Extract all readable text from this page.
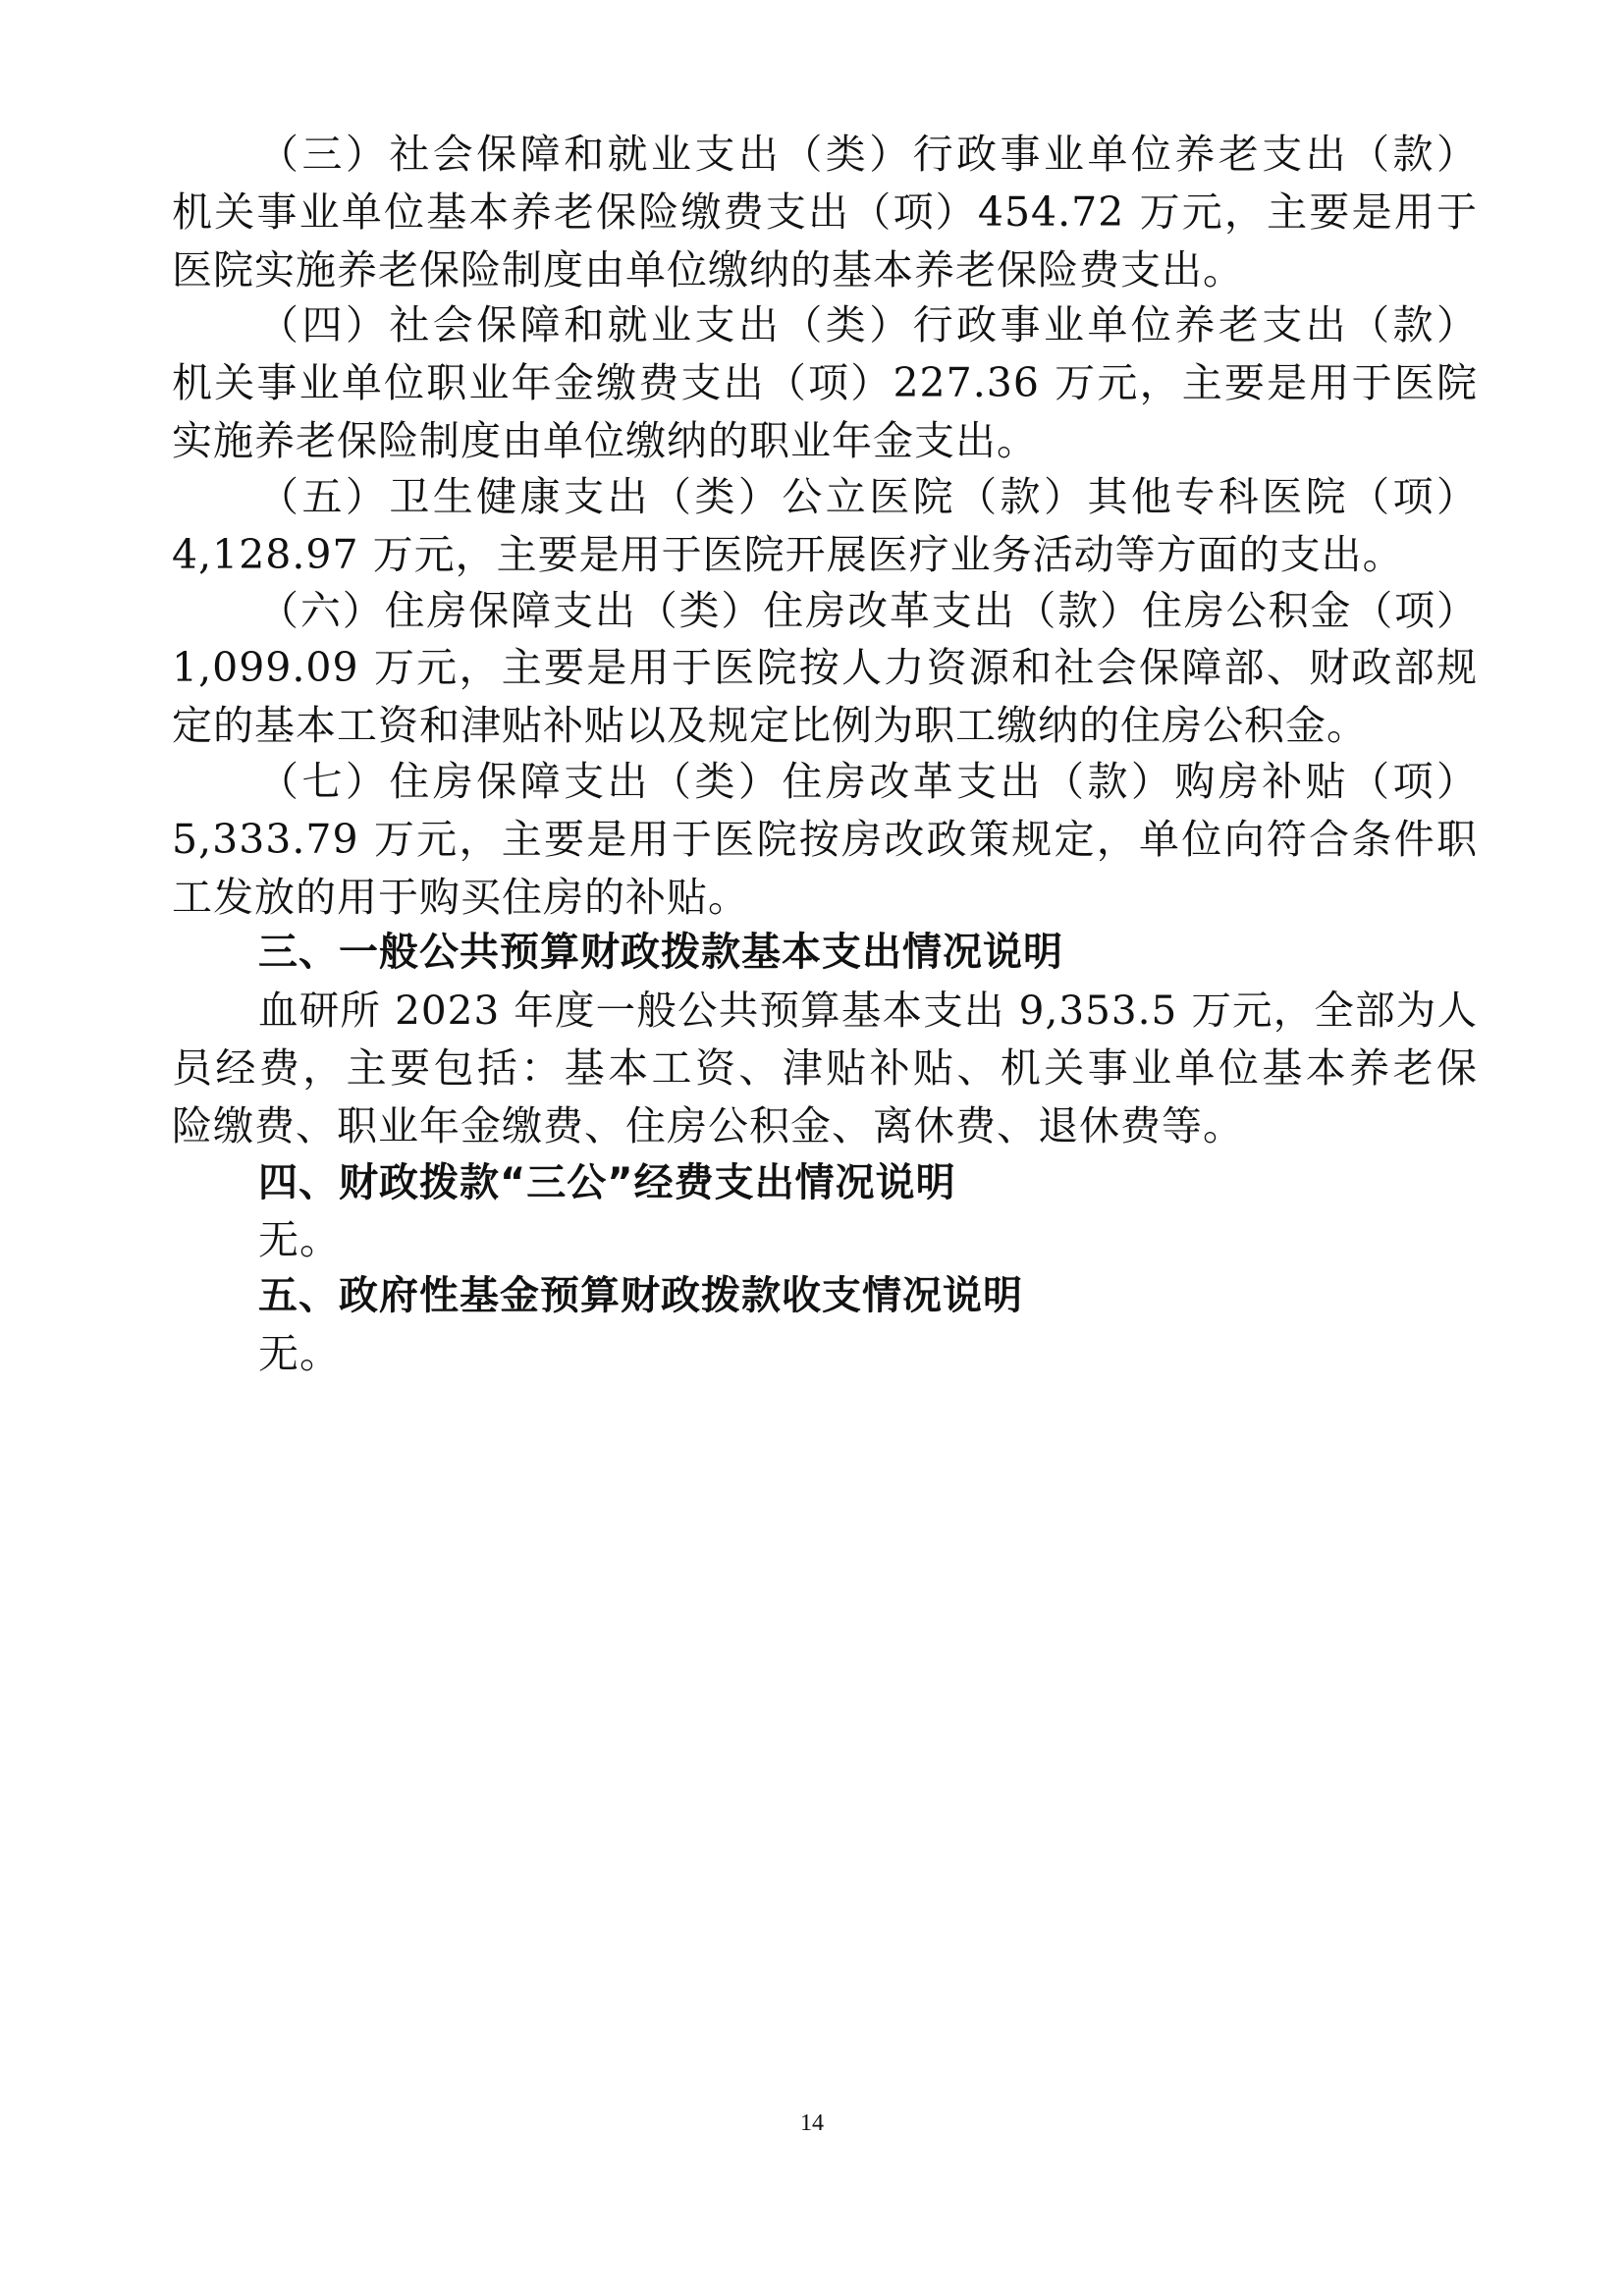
（三）社会保障和就业支出（类）行政事业单位养老支出（款）
机关事业单位基本养老保险缴费支出（项）454.72 万元，主要是用于
医院实施养老保险制度由单位缴纳的基本养老保险费支出。
（四）社会保障和就业支出（类）行政事业单位养老支出（款）
机关事业单位职业年金缴费支出（项）227.36 万元，主要是用于医院
实施养老保险制度由单位缴纳的职业年金支出。
（五）卫生健康支出（类）公立医院（款）其他专科医院（项）
4,128.97 万元，主要是用于医院开展医疗业务活动等方面的支出。
（六）住房保障支出（类）住房改革支出（款）住房公积金（项）
1,099.09 万元，主要是用于医院按人力资源和社会保障部、财政部规
定的基本工资和津贴补贴以及规定比例为职工缴纳的住房公积金。
（七）住房保障支出（类）住房改革支出（款）购房补贴（项）
5,333.79 万元，主要是用于医院按房改政策规定，单位向符合条件职
工发放的用于购买住房的补贴。
三、一般公共预算财政拨款基本支出情况说明
血研所 2023 年度一般公共预算基本支出 9,353.5 万元，全部为人
员经费，主要包括：基本工资、津贴补贴、机关事业单位基本养老保
险缴费、职业年金缴费、住房公积金、离休费、退休费等。
四、财政拨款“三公”经费支出情况说明
无。
五、政府性基金预算财政拨款收支情况说明
无。
14
